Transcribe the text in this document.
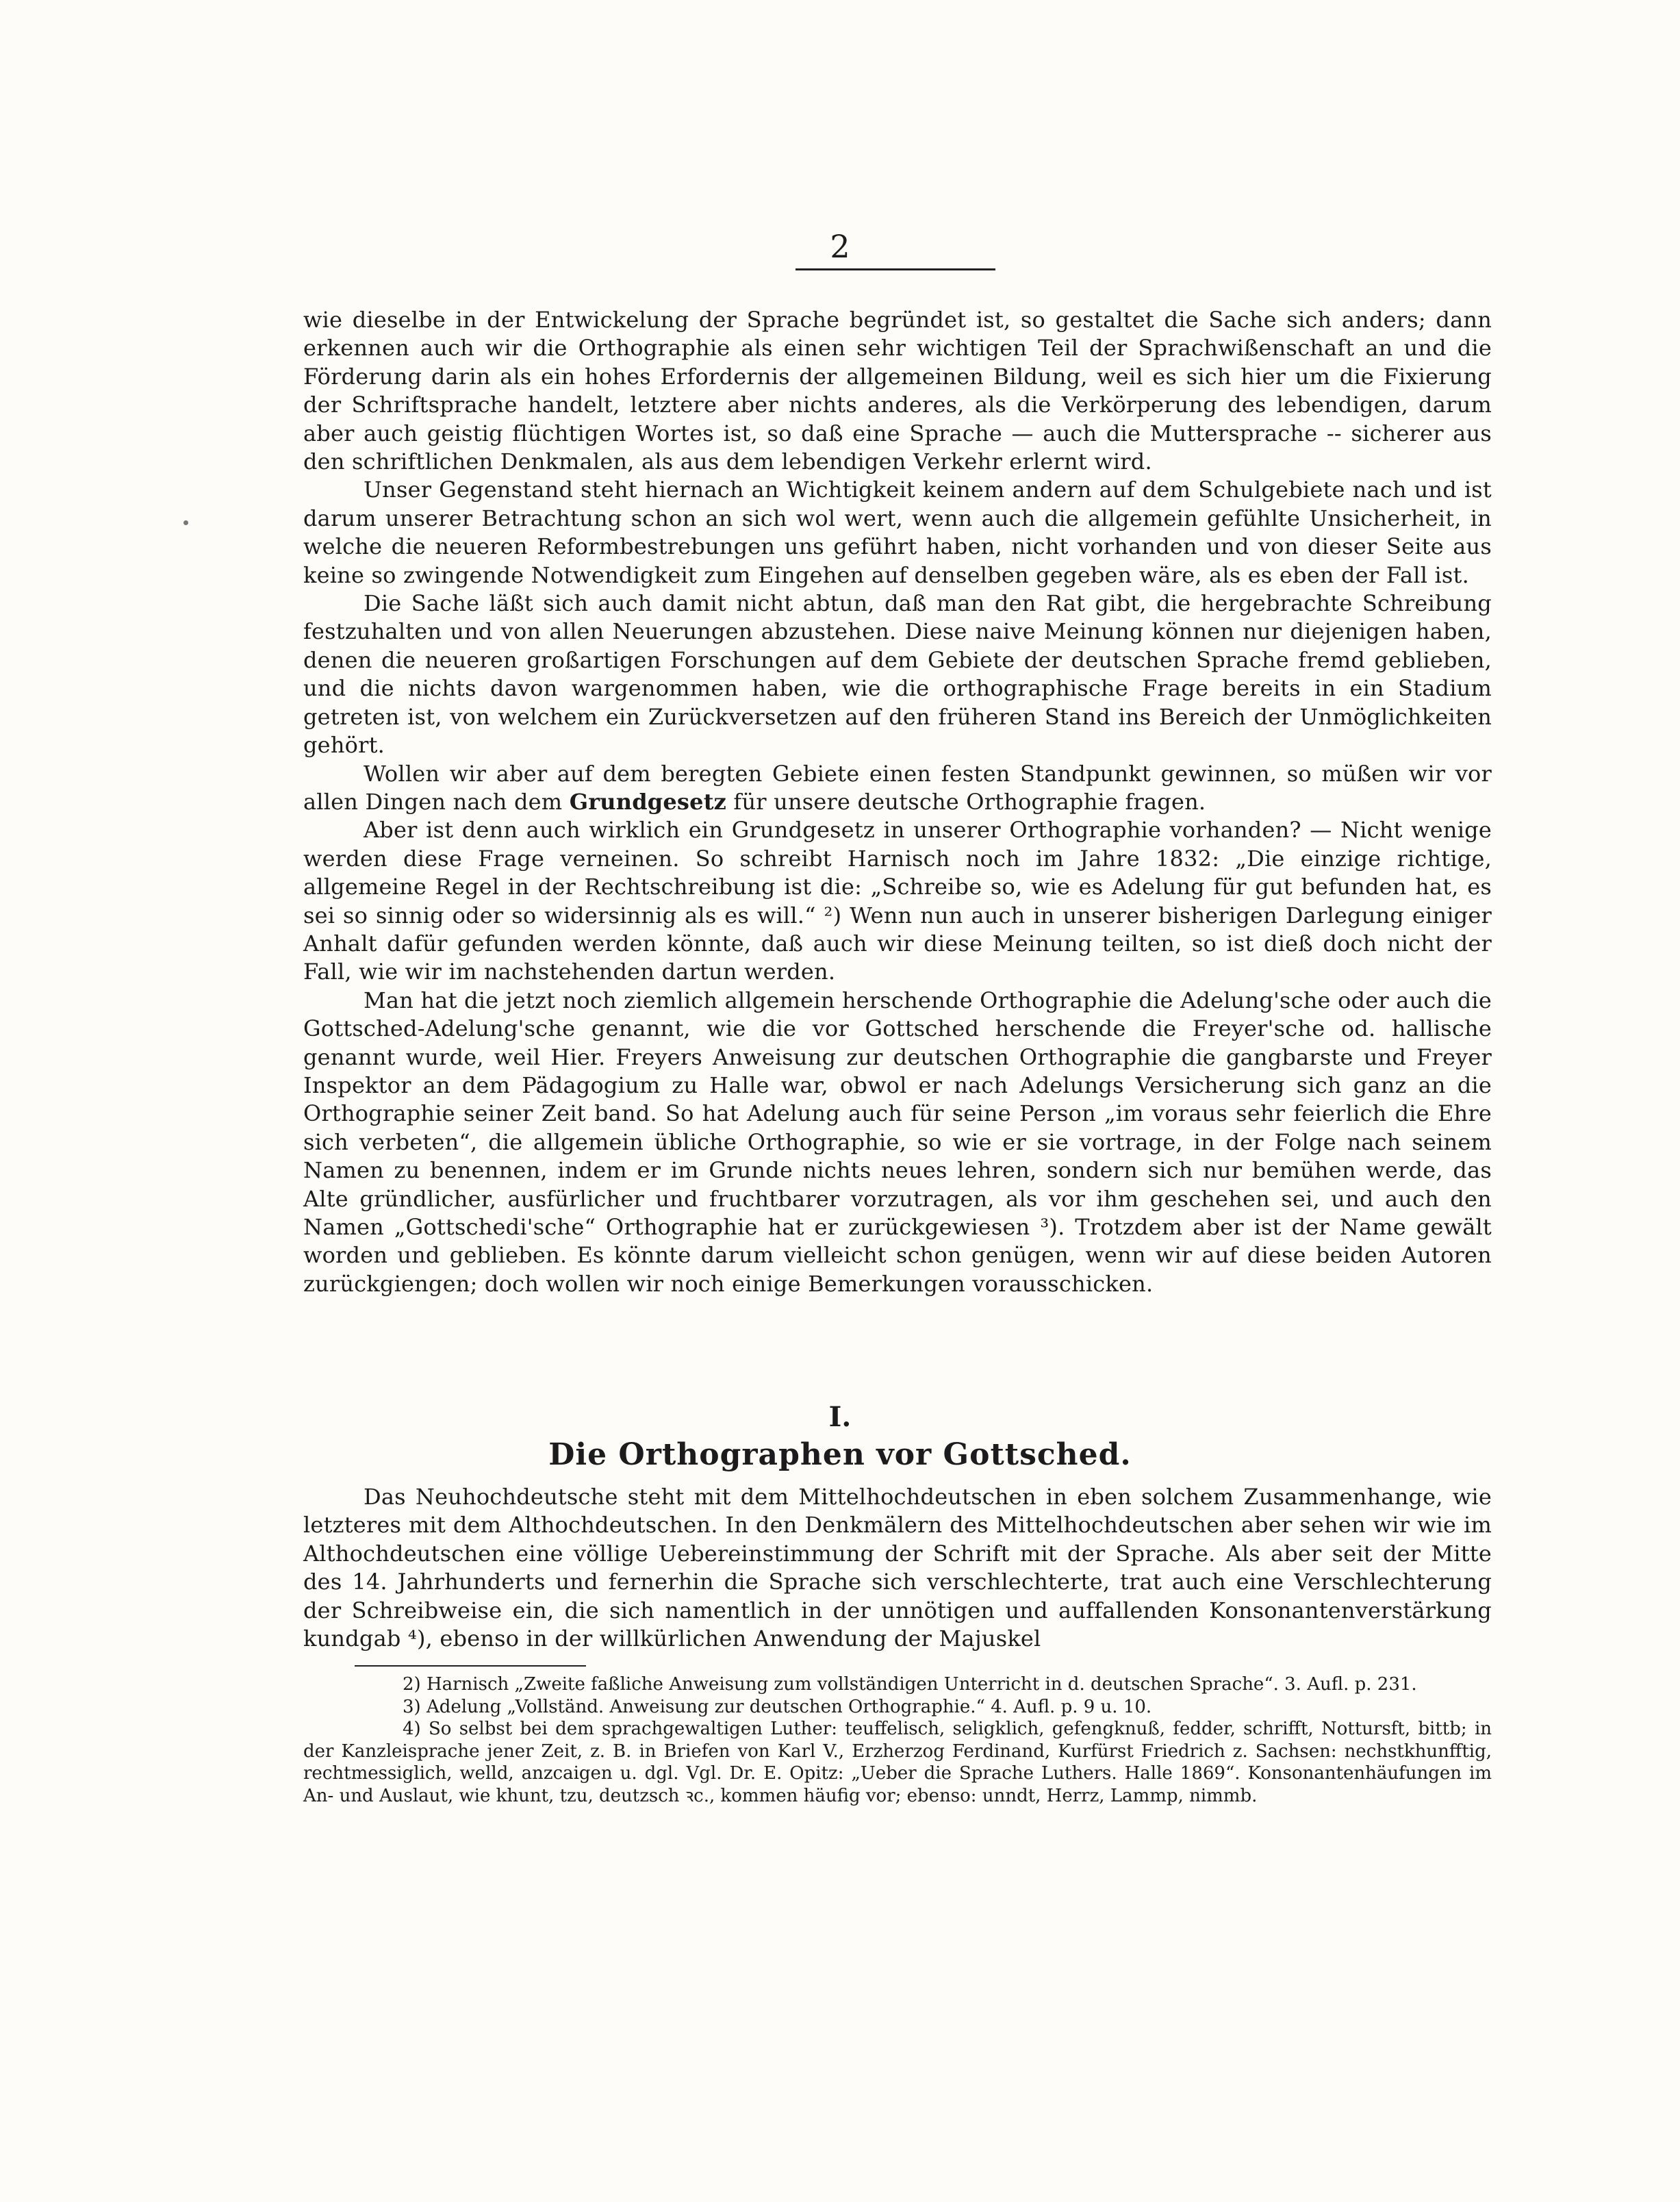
2

wie dieselbe in der Entwickelung der Sprache begründet ist, so gestaltet die Sache sich anders; dann erkennen auch wir die Orthographie als einen sehr wichtigen Teil der Sprachwißenschaft an und die Förderung darin als ein hohes Erfordernis der allgemeinen Bildung, weil es sich hier um die Fixierung der Schriftsprache handelt, letztere aber nichts anderes, als die Verkörperung des lebendigen, darum aber auch geistig flüchtigen Wortes ist, so daß eine Sprache — auch die Muttersprache -- sicherer aus den schriftlichen Denkmalen, als aus dem lebendigen Verkehr erlernt wird.

Unser Gegenstand steht hiernach an Wichtigkeit keinem andern auf dem Schulgebiete nach und ist darum unserer Betrachtung schon an sich wol wert, wenn auch die allgemein gefühlte Unsicherheit, in welche die neueren Reformbestrebungen uns geführt haben, nicht vorhanden und von dieser Seite aus keine so zwingende Notwendigkeit zum Eingehen auf denselben gegeben wäre, als es eben der Fall ist.

Die Sache läßt sich auch damit nicht abtun, daß man den Rat gibt, die hergebrachte Schreibung festzuhalten und von allen Neuerungen abzustehen. Diese naive Meinung können nur diejenigen haben, denen die neueren großartigen Forschungen auf dem Gebiete der deutschen Sprache fremd geblieben, und die nichts davon wargenommen haben, wie die orthographische Frage bereits in ein Stadium getreten ist, von welchem ein Zurückversetzen auf den früheren Stand ins Bereich der Unmöglichkeiten gehört.

Wollen wir aber auf dem beregten Gebiete einen festen Standpunkt gewinnen, so müßen wir vor allen Dingen nach dem Grundgesetz für unsere deutsche Orthographie fragen.

Aber ist denn auch wirklich ein Grundgesetz in unserer Orthographie vorhanden? — Nicht wenige werden diese Frage verneinen. So schreibt Harnisch noch im Jahre 1832: „Die einzige richtige, allgemeine Regel in der Rechtschreibung ist die: „Schreibe so, wie es Adelung für gut befunden hat, es sei so sinnig oder so widersinnig als es will.“ ²) Wenn nun auch in unserer bisherigen Darlegung einiger Anhalt dafür gefunden werden könnte, daß auch wir diese Meinung teilten, so ist dieß doch nicht der Fall, wie wir im nachstehenden dartun werden.

Man hat die jetzt noch ziemlich allgemein herschende Orthographie die Adelung'sche oder auch die Gottsched-Adelung'sche genannt, wie die vor Gottsched herschende die Freyer'sche od. hallische genannt wurde, weil Hier. Freyers Anweisung zur deutschen Orthographie die gangbarste und Freyer Inspektor an dem Pädagogium zu Halle war, obwol er nach Adelungs Versicherung sich ganz an die Orthographie seiner Zeit band. So hat Adelung auch für seine Person „im voraus sehr feierlich die Ehre sich verbeten“, die allgemein übliche Orthographie, so wie er sie vortrage, in der Folge nach seinem Namen zu benennen, indem er im Grunde nichts neues lehren, sondern sich nur bemühen werde, das Alte gründlicher, ausfürlicher und fruchtbarer vorzutragen, als vor ihm geschehen sei, und auch den Namen „Gottschedi'sche“ Orthographie hat er zurückgewiesen ³). Trotzdem aber ist der Name gewält worden und geblieben. Es könnte darum vielleicht schon genügen, wenn wir auf diese beiden Autoren zurückgiengen; doch wollen wir noch einige Bemerkungen vorausschicken.

I.
Die Orthographen vor Gottsched.

Das Neuhochdeutsche steht mit dem Mittelhochdeutschen in eben solchem Zusammenhange, wie letzteres mit dem Althochdeutschen. In den Denkmälern des Mittelhochdeutschen aber sehen wir wie im Althochdeutschen eine völlige Uebereinstimmung der Schrift mit der Sprache. Als aber seit der Mitte des 14. Jahrhunderts und fernerhin die Sprache sich verschlechterte, trat auch eine Verschlechterung der Schreibweise ein, die sich namentlich in der unnötigen und auffallenden Konsonantenverstärkung kundgab ⁴), ebenso in der willkürlichen Anwendung der Majuskel

2) Harnisch „Zweite faßliche Anweisung zum vollständigen Unterricht in d. deutschen Sprache“. 3. Aufl. p. 231.

3) Adelung „Vollständ. Anweisung zur deutschen Orthographie.“ 4. Aufl. p. 9 u. 10.

4) So selbst bei dem sprachgewaltigen Luther: teuffelisch, seligklich, gefengknuß, fedder, schrifft, Nottursft, bittb; in der Kanzleisprache jener Zeit, z. B. in Briefen von Karl V., Erzherzog Ferdinand, Kurfürst Friedrich z. Sachsen: nechstkhunfftig, rechtmessiglich, welld, anzcaigen u. dgl. Vgl. Dr. E. Opitz: „Ueber die Sprache Luthers. Halle 1869“. Konsonantenhäufungen im An- und Auslaut, wie khunt, tzu, deutzsch ꝛc., kommen häufig vor; ebenso: unndt, Herrz, Lammp, nimmb.
